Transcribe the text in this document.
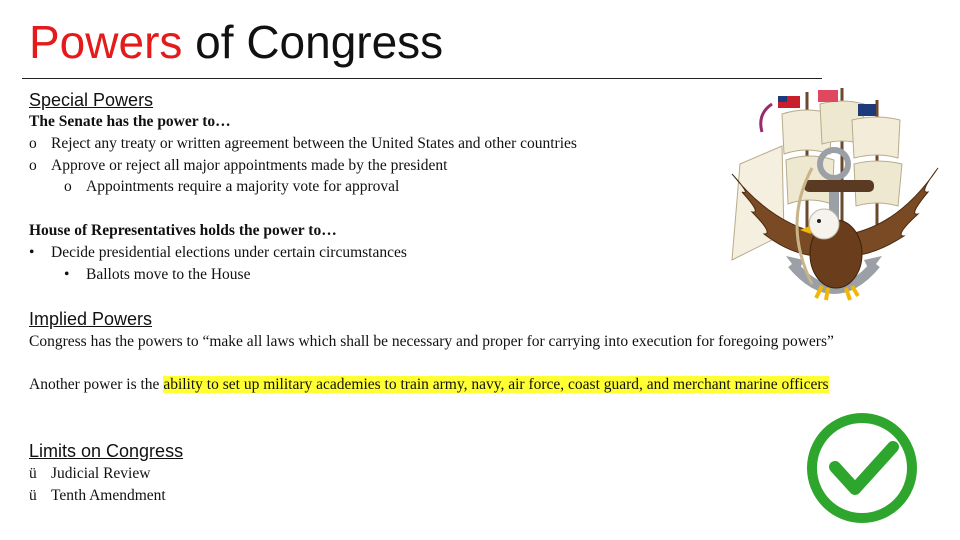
Powers of Congress
Special Powers
The Senate has the power to…
o Reject any treaty or written agreement between the United States and other countries
o Approve or reject all major appointments made by the president
o Appointments require a majority vote for approval
House of Representatives holds the power to…
• Decide presidential elections under certain circumstances
• Ballots move to the House
Implied Powers
Congress has the powers to “make all laws which shall be necessary and proper for carrying into execution for foregoing powers”
Another power is the ability to set up military academies to train army, navy, air force, coast guard, and merchant marine officers
Limits on Congress
ü Judicial Review
ü Tenth Amendment
